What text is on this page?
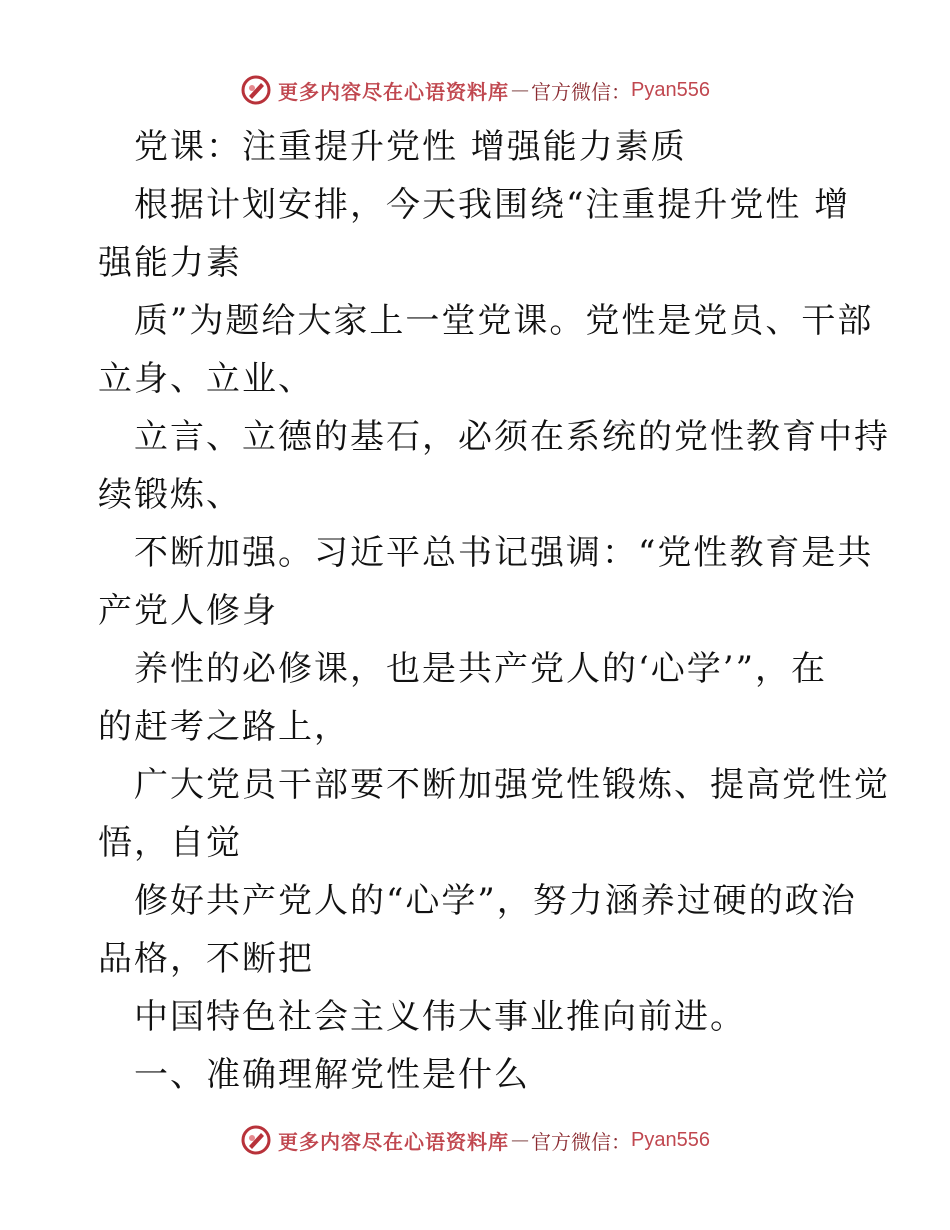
更多内容尽在心语资料库 — 官方微信： Pyan556
党课：注重提升党性 增强能力素质
根据计划安排，今天我围绕“注重提升党性 增
强能力素
质”为题给大家上一堂党课。党性是党员、干部
立身、立业、
立言、立德的基石，必须在系统的党性教育中持
续锻炼、
不断加强。习近平总书记强调：“党性教育是共
产党人修身
养性的必修课，也是共产党人的‘心学’”，在
的赶考之路上，
广大党员干部要不断加强党性锻炼、提高党性觉
悟，自觉
修好共产党人的“心学”，努力涵养过硬的政治
品格，不断把
中国特色社会主义伟大事业推向前进。
一、准确理解党性是什么
更多内容尽在心语资料库 — 官方微信： Pyan556
